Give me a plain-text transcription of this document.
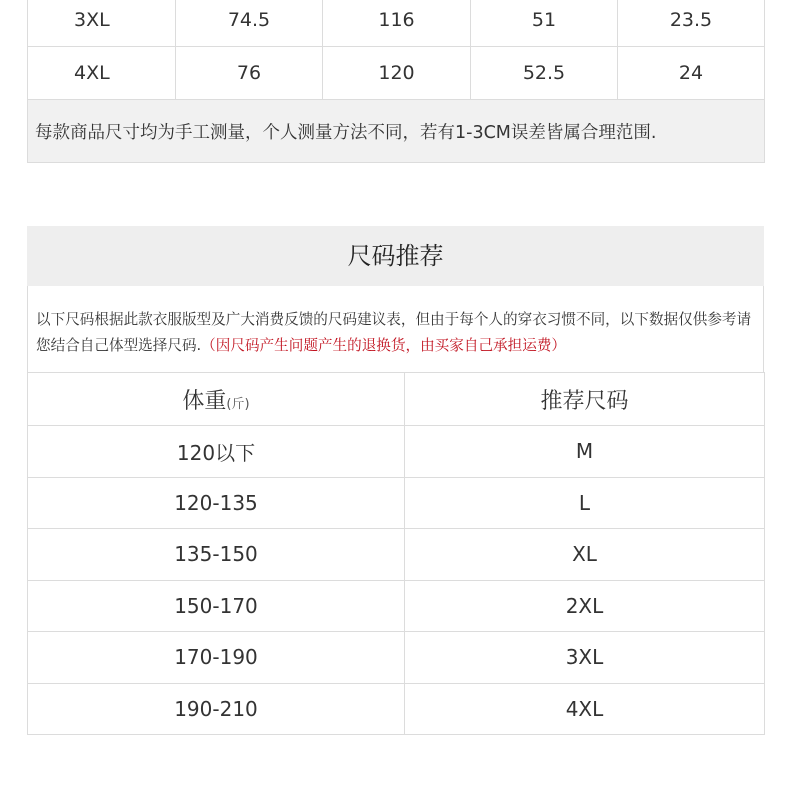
3XL	74.5	116	51	23.5
4XL	76	120	52.5	24
每款商品尺寸均为手工测量，个人测量方法不同，若有1-3CM误差皆属合理范围.				
尺码推荐
以下尺码根据此款衣服版型及广大消费反馈的尺码建议表，但由于每个人的穿衣习惯不同，以下数据仅供参考请您结合自己体型选择尺码.（因尺码产生问题产生的退换货，由买家自己承担运费）
体重(斤)	推荐尺码
120以下	M
120-135	L
135-150	XL
150-170	2XL
170-190	3XL
190-210	4XL
